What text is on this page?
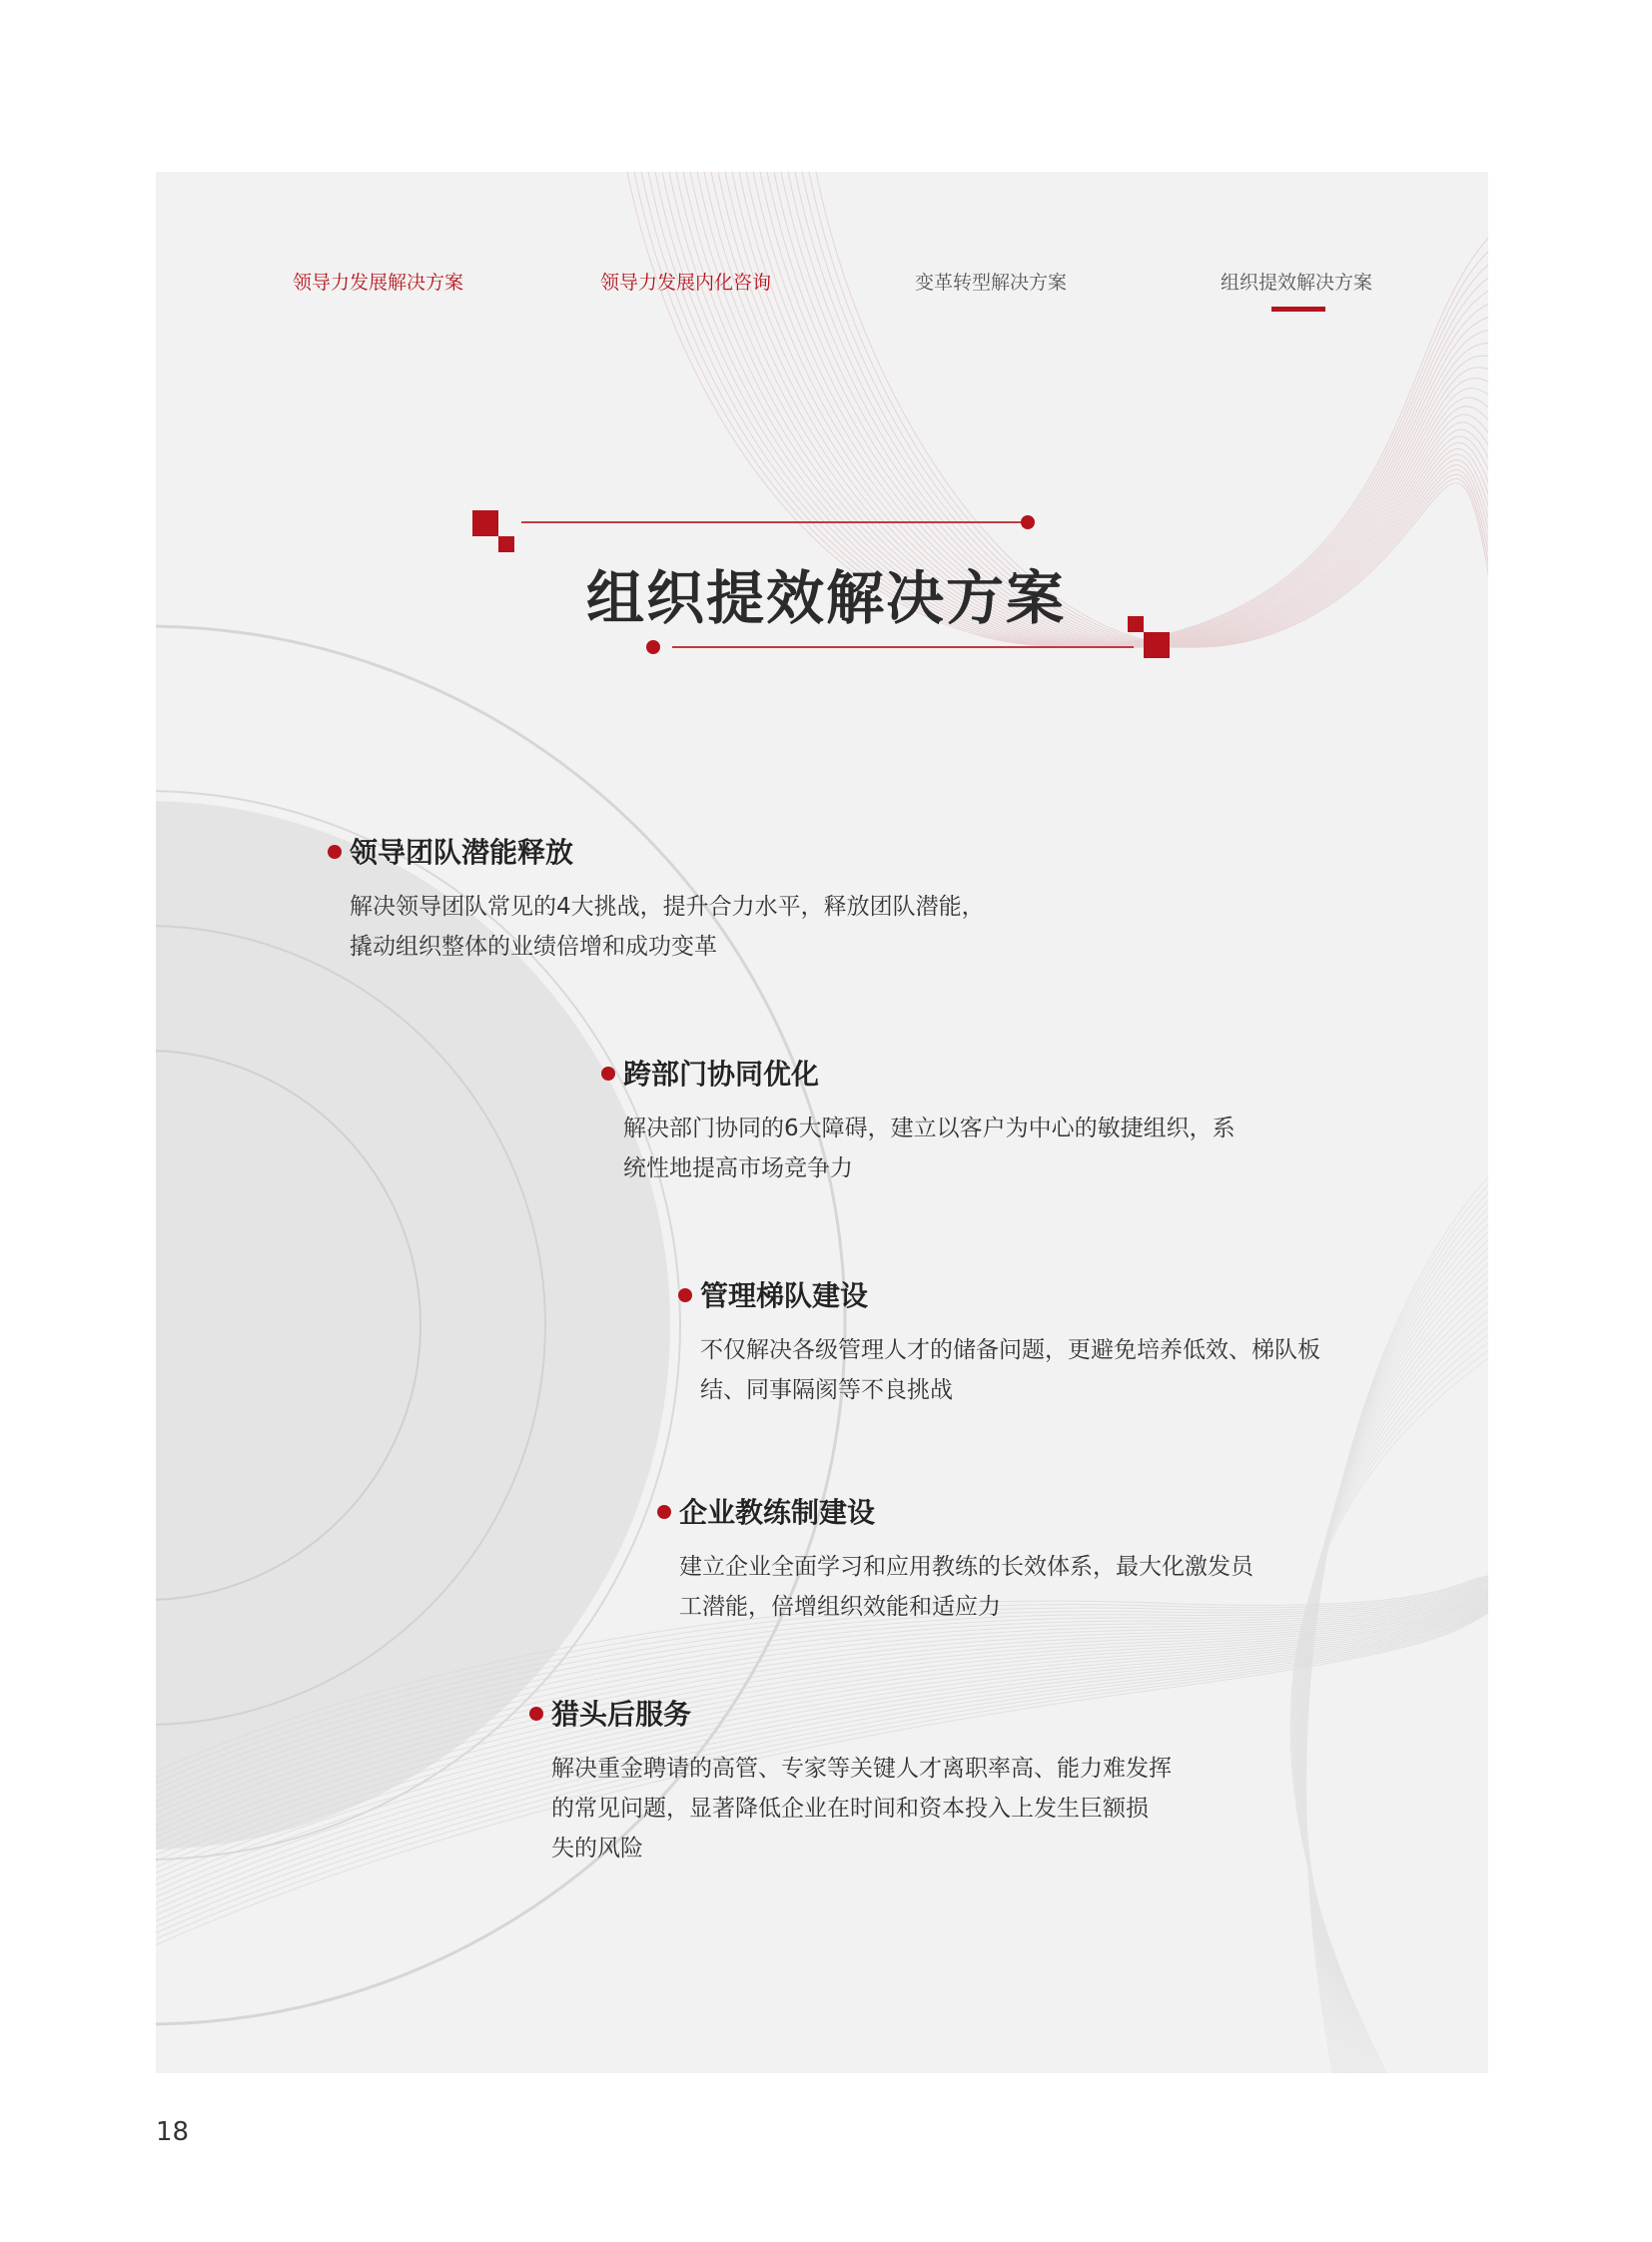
领导力发展解决方案	领导力发展内化咨询	变革转型解决方案	组织提效解决方案
组织提效解决方案
领导团队潜能释放

解决领导团队常见的4大挑战，提升合力水平，释放团队潜能，
撬动组织整体的业绩倍增和成功变革

跨部门协同优化

解决部门协同的6大障碍，建立以客户为中心的敏捷组织，系
统性地提高市场竞争力

管理梯队建设

不仅解决各级管理人才的储备问题，更避免培养低效、梯队板
结、同事隔阂等不良挑战

企业教练制建设

建立企业全面学习和应用教练的长效体系，最大化激发员
工潜能，倍增组织效能和适应力

猎头后服务

解决重金聘请的高管、专家等关键人才离职率高、能力难发挥
的常见问题，显著降低企业在时间和资本投入上发生巨额损
失的风险

18
